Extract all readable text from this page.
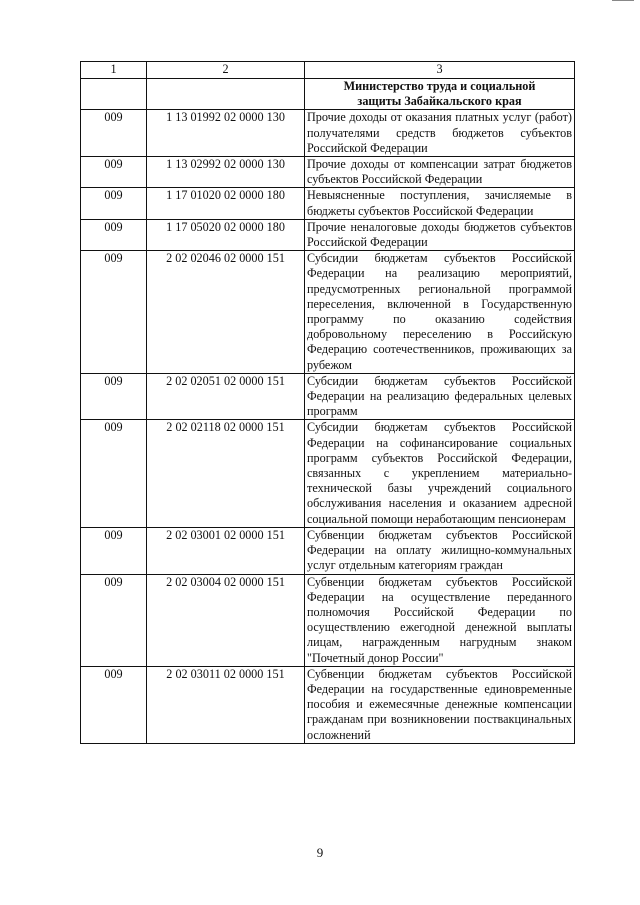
1	2	3
		Министерство труда и социальной
защиты Забайкальского края
009	1 13 01992 02 0000 130	Прочие доходы от оказания платных услуг (работ) получателями средств бюджетов субъектов Российской Федерации
009	1 13 02992 02 0000 130	Прочие доходы от компенсации затрат бюджетов субъектов Российской Федерации
009	1 17 01020 02 0000 180	Невыясненные поступления, зачисляемые в бюджеты субъектов Российской Федерации
009	1 17 05020 02 0000 180	Прочие неналоговые доходы бюджетов субъектов Российской Федерации
009	2 02 02046 02 0000 151	Субсидии бюджетам субъектов Российской Федерации на реализацию мероприятий, предусмотренных региональной программой переселения, включенной в Государственную программу по оказанию содействия добровольному переселению в Российскую Федерацию соотечественников, проживающих за рубежом
009	2 02 02051 02 0000 151	Субсидии бюджетам субъектов Российской Федерации на реализацию федеральных целевых программ
009	2 02 02118 02 0000 151	Субсидии бюджетам субъектов Российской Федерации на софинансирование социальных программ субъектов Российской Федерации, связанных с укреплением материально-технической базы учреждений социального обслуживания населения и оказанием адресной социальной помощи неработающим пенсионерам
009	2 02 03001 02 0000 151	Субвенции бюджетам субъектов Российской Федерации на оплату жилищно-коммунальных услуг отдельным категориям граждан
009	2 02 03004 02 0000 151	Субвенции бюджетам субъектов Российской Федерации на осуществление переданного полномочия Российской Федерации по осуществлению ежегодной денежной выплаты лицам, награжденным нагрудным знаком "Почетный донор России"
009	2 02 03011 02 0000 151	Субвенции бюджетам субъектов Российской Федерации на государственные единовременные пособия и ежемесячные денежные компенсации гражданам при возникновении поствакцинальных осложнений
9
